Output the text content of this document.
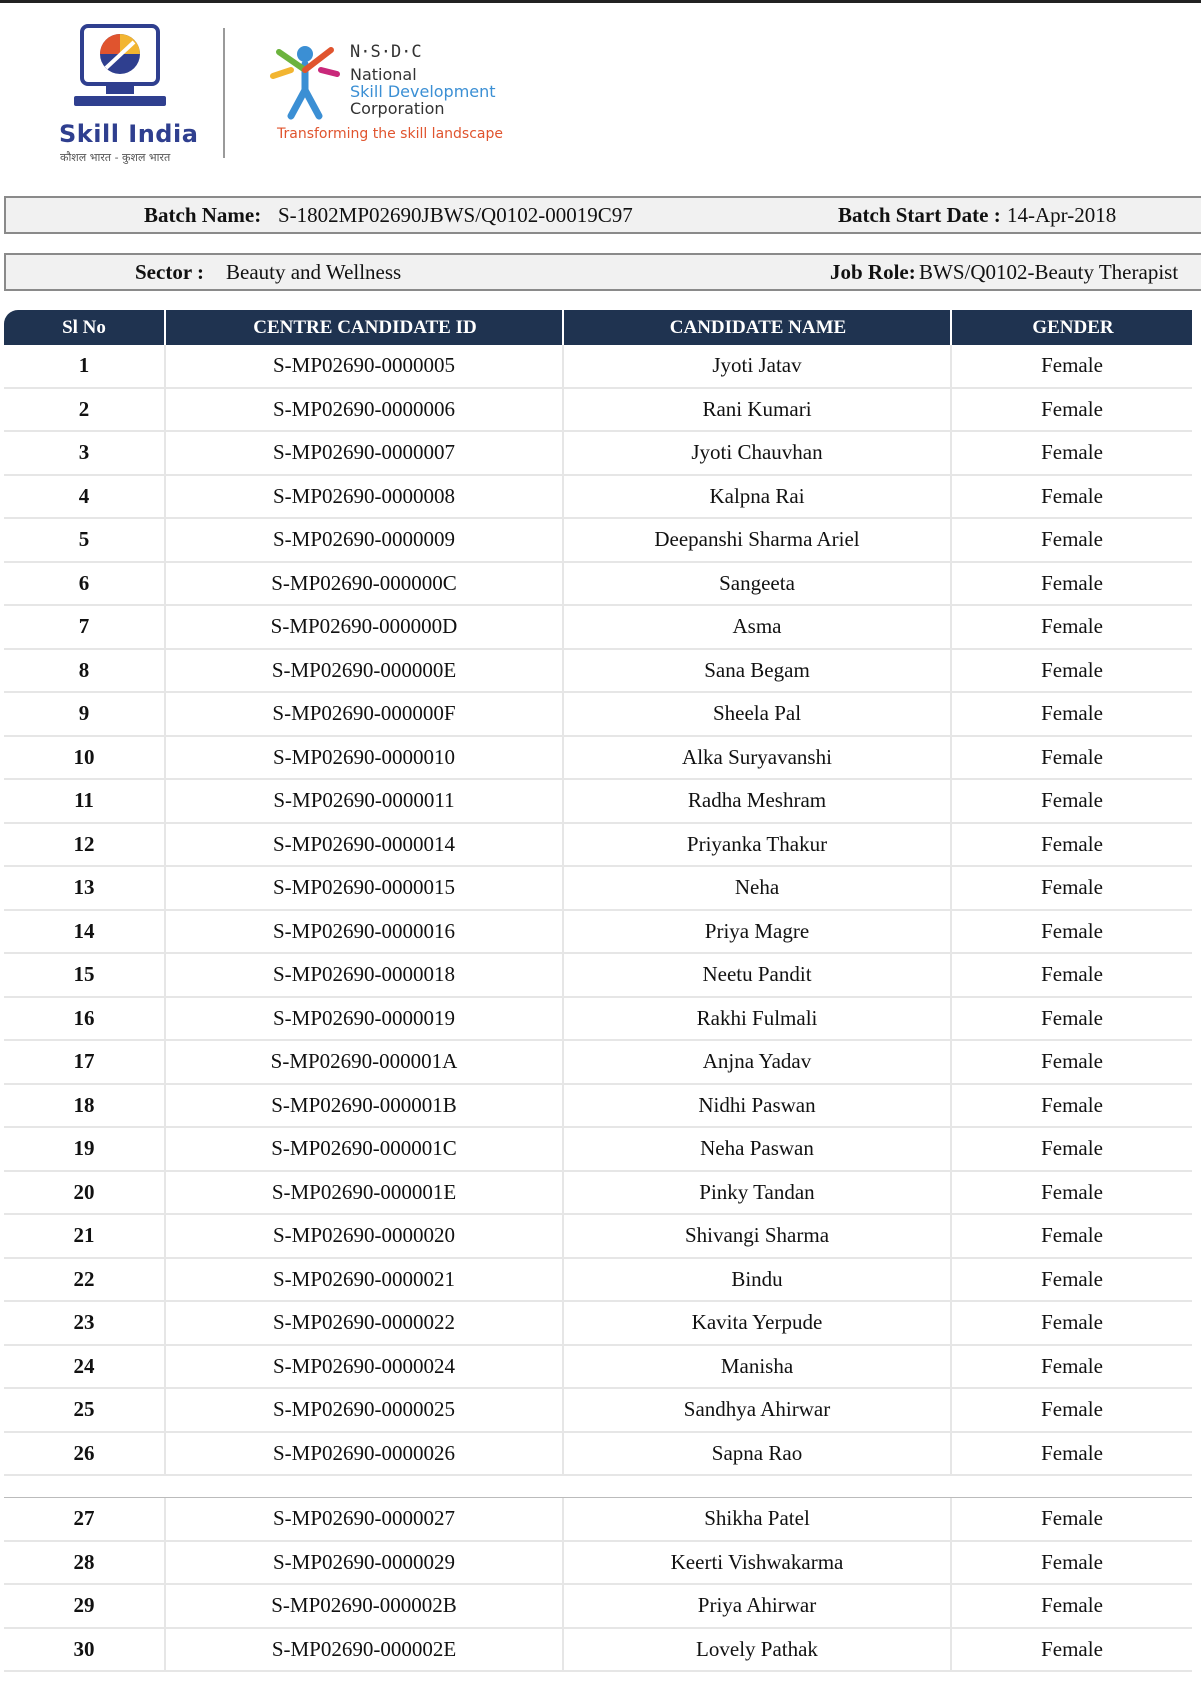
Skill India
कौशल भारत - कुशल भारत
N·S·D·C
National
Skill Development
Corporation
Transforming the skill landscape
Batch Name: S-1802MP02690JBWS/Q0102-00019C97	Batch Start Date : 14-Apr-2018
Sector : Beauty and Wellness	Job Role: BWS/Q0102-Beauty Therapist
Sl No	CENTRE CANDIDATE ID	CANDIDATE NAME	GENDER
1	S-MP02690-0000005	Jyoti Jatav	Female
2	S-MP02690-0000006	Rani Kumari	Female
3	S-MP02690-0000007	Jyoti Chauvhan	Female
4	S-MP02690-0000008	Kalpna Rai	Female
5	S-MP02690-0000009	Deepanshi Sharma Ariel	Female
6	S-MP02690-000000C	Sangeeta	Female
7	S-MP02690-000000D	Asma	Female
8	S-MP02690-000000E	Sana Begam	Female
9	S-MP02690-000000F	Sheela Pal	Female
10	S-MP02690-0000010	Alka Suryavanshi	Female
11	S-MP02690-0000011	Radha Meshram	Female
12	S-MP02690-0000014	Priyanka Thakur	Female
13	S-MP02690-0000015	Neha	Female
14	S-MP02690-0000016	Priya Magre	Female
15	S-MP02690-0000018	Neetu Pandit	Female
16	S-MP02690-0000019	Rakhi Fulmali	Female
17	S-MP02690-000001A	Anjna Yadav	Female
18	S-MP02690-000001B	Nidhi Paswan	Female
19	S-MP02690-000001C	Neha Paswan	Female
20	S-MP02690-000001E	Pinky Tandan	Female
21	S-MP02690-0000020	Shivangi Sharma	Female
22	S-MP02690-0000021	Bindu	Female
23	S-MP02690-0000022	Kavita Yerpude	Female
24	S-MP02690-0000024	Manisha	Female
25	S-MP02690-0000025	Sandhya Ahirwar	Female
26	S-MP02690-0000026	Sapna Rao	Female
27	S-MP02690-0000027	Shikha Patel	Female
28	S-MP02690-0000029	Keerti Vishwakarma	Female
29	S-MP02690-000002B	Priya Ahirwar	Female
30	S-MP02690-000002E	Lovely Pathak	Female
